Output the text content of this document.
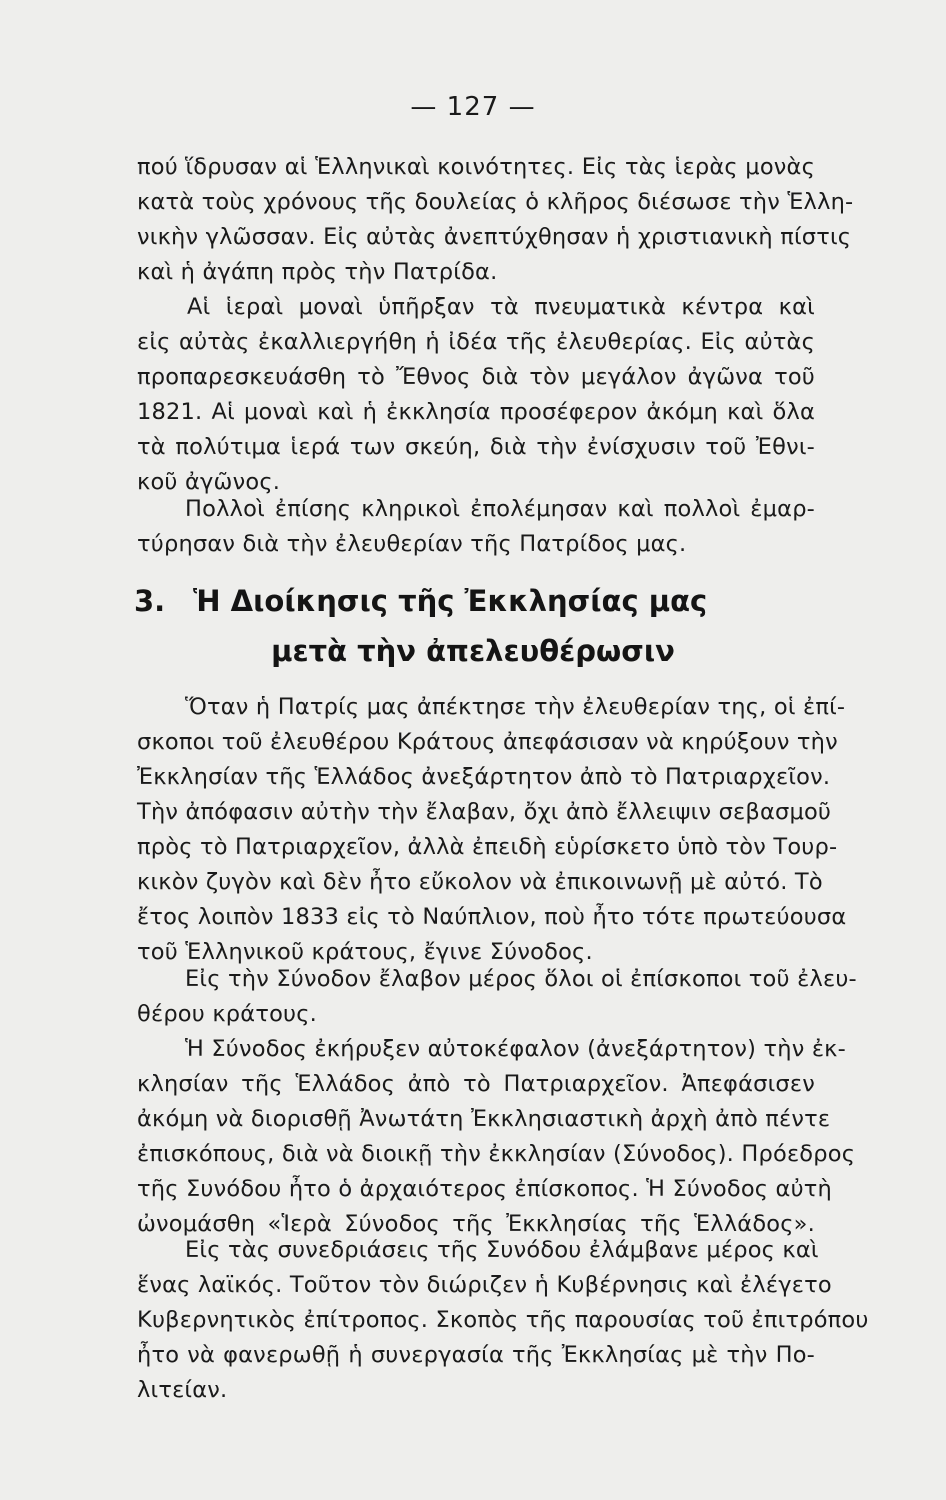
— 127 —
πού ἵδρυσαν αἱ Ἑλληνικαὶ κοινότητες. Εἰς τὰς ἱερὰς μονὰς
κατὰ τοὺς χρόνους τῆς δουλείας ὁ κλῆρος διέσωσε τὴν Ἑλλη-
νικὴν γλῶσσαν. Εἰς αὐτὰς ἀνεπτύχθησαν ἡ χριστιανικὴ πίστις
καὶ ἡ ἀγάπη πρὸς τὴν Πατρίδα.
Αἱ ἱεραὶ μοναὶ ὑπῆρξαν τὰ πνευματικὰ κέντρα καὶ
εἰς αὐτὰς ἐκαλλιεργήθη ἡ ἰδέα τῆς ἐλευθερίας. Εἰς αὐτὰς
προπαρεσκευάσθη τὸ Ἔθνος διὰ τὸν μεγάλον ἀγῶνα τοῦ
1821. Αἱ μοναὶ καὶ ἡ ἐκκλησία προσέφερον ἀκόμη καὶ ὅλα
τὰ πολύτιμα ἱερά των σκεύη, διὰ τὴν ἐνίσχυσιν τοῦ Ἐθνι-
κοῦ ἀγῶνος.
Πολλοὶ ἐπίσης κληρικοὶ ἐπολέμησαν καὶ πολλοὶ ἐμαρ-
τύρησαν διὰ τὴν ἐλευθερίαν τῆς Πατρίδος μας.
3. Ἡ Διοίκησις τῆς Ἐκκλησίας μας
μετὰ τὴν ἀπελευθέρωσιν
Ὅταν ἡ Πατρίς μας ἀπέκτησε τὴν ἐλευθερίαν της, οἱ ἐπί-
σκοποι τοῦ ἐλευθέρου Κράτους ἀπεφάσισαν νὰ κηρύξουν τὴν
Ἐκκλησίαν τῆς Ἑλλάδος ἀνεξάρτητον ἀπὸ τὸ Πατριαρχεῖον.
Τὴν ἀπόφασιν αὐτὴν τὴν ἔλαβαν, ὄχι ἀπὸ ἔλλειψιν σεβασμοῦ
πρὸς τὸ Πατριαρχεῖον, ἀλλὰ ἐπειδὴ εὑρίσκετο ὑπὸ τὸν Τουρ-
κικὸν ζυγὸν καὶ δὲν ἦτο εὔκολον νὰ ἐπικοινωνῇ μὲ αὐτό. Τὸ
ἔτος λοιπὸν 1833 εἰς τὸ Ναύπλιον, ποὺ ἦτο τότε πρωτεύουσα
τοῦ Ἑλληνικοῦ κράτους, ἔγινε Σύνοδος.
Εἰς τὴν Σύνοδον ἔλαβον μέρος ὅλοι οἱ ἐπίσκοποι τοῦ ἐλευ-
θέρου κράτους.
Ἡ Σύνοδος ἐκήρυξεν αὐτοκέφαλον (ἀνεξάρτητον) τὴν ἐκ-
κλησίαν τῆς Ἑλλάδος ἀπὸ τὸ Πατριαρχεῖον. Ἀπεφάσισεν
ἀκόμη νὰ διορισθῇ Ἀνωτάτη Ἐκκλησιαστικὴ ἀρχὴ ἀπὸ πέντε
ἐπισκόπους, διὰ νὰ διοικῇ τὴν ἐκκλησίαν (Σύνοδος). Πρόεδρος
τῆς Συνόδου ἦτο ὁ ἀρχαιότερος ἐπίσκοπος. Ἡ Σύνοδος αὐτὴ
ὠνομάσθη «Ἱερὰ Σύνοδος τῆς Ἐκκλησίας τῆς Ἑλλάδος».
Εἰς τὰς συνεδριάσεις τῆς Συνόδου ἐλάμβανε μέρος καὶ
ἕνας λαϊκός. Τοῦτον τὸν διώριζεν ἡ Κυβέρνησις καὶ ἐλέγετο
Κυβερνητικὸς ἐπίτροπος. Σκοπὸς τῆς παρουσίας τοῦ ἐπιτρόπου
ἦτο νὰ φανερωθῇ ἡ συνεργασία τῆς Ἐκκλησίας μὲ τὴν Πο-
λιτείαν.
